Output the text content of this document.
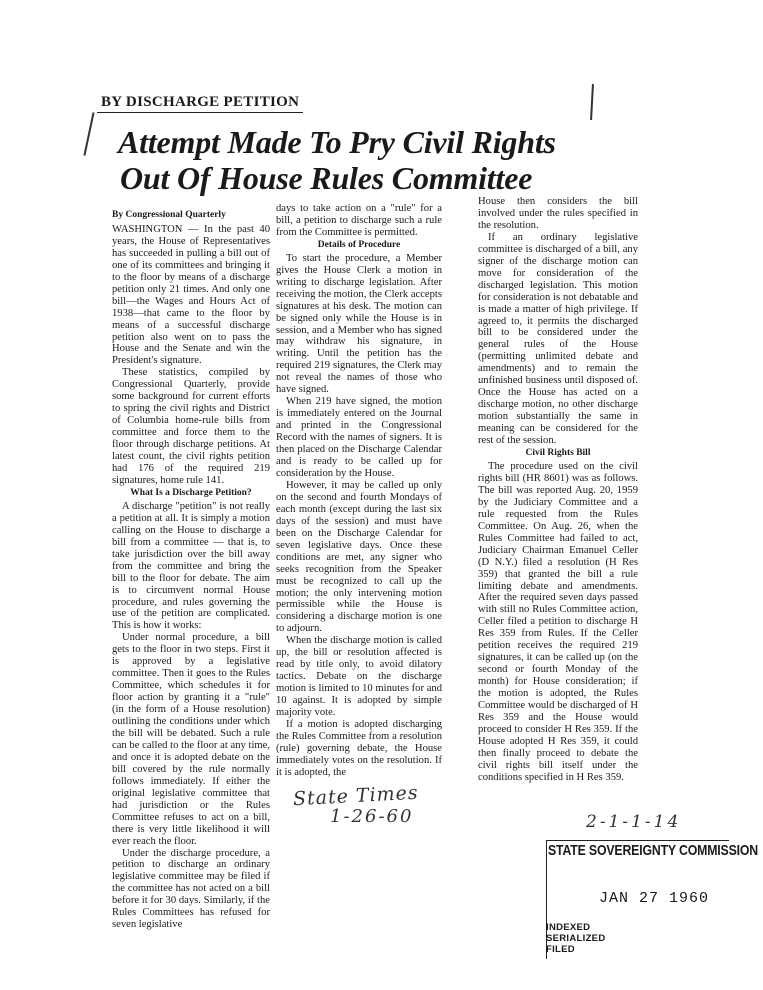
BY DISCHARGE PETITION
Attempt Made To Pry Civil Rights
Out Of House Rules Committee

By Congressional Quarterly

WASHINGTON — In the past 40 years, the House of Representatives has succeeded in pulling a bill out of one of its committees and bringing it to the floor by means of a discharge petition only 21 times. And only one bill—the Wages and Hours Act of 1938—that came to the floor by means of a successful discharge petition also went on to pass the House and the Senate and win the President's signature.

These statistics, compiled by Congressional Quarterly, provide some background for current efforts to spring the civil rights and District of Columbia home-rule bills from committee and force them to the floor through discharge petitions. At latest count, the civil rights petition had 176 of the required 219 signatures, home rule 141.

What Is a Discharge Petition?

A discharge "petition" is not really a petition at all. It is simply a motion calling on the House to discharge a bill from a committee — that is, to take jurisdiction over the bill away from the committee and bring the bill to the floor for debate. The aim is to circumvent normal House procedure, and rules governing the use of the petition are complicated. This is how it works:

Under normal procedure, a bill gets to the floor in two steps. First it is approved by a legislative committee. Then it goes to the Rules Committee, which schedules it for floor action by granting it a "rule" (in the form of a House resolution) outlining the conditions under which the bill will be debated. Such a rule can be called to the floor at any time, and once it is adopted debate on the bill covered by the rule normally follows immediately. If either the original legislative committee that had jurisdiction or the Rules Committee refuses to act on a bill, there is very little likelihood it will ever reach the floor.

Under the discharge procedure, a petition to discharge an ordinary legislative committee may be filed if the committee has not acted on a bill before it for 30 days. Similarly, if the Rules Committees has refused for seven legislative

days to take action on a "rule" for a bill, a petition to discharge such a rule from the Committee is permitted.

Details of Procedure

To start the procedure, a Member gives the House Clerk a motion in writing to discharge legislation. After receiving the motion, the Clerk accepts signatures at his desk. The motion can be signed only while the House is in session, and a Member who has signed may withdraw his signature, in writing. Until the petition has the required 219 signatures, the Clerk may not reveal the names of those who have signed.

When 219 have signed, the motion is immediately entered on the Journal and printed in the Congressional Record with the names of signers. It is then placed on the Discharge Calendar and is ready to be called up for consideration by the House.

However, it may be called up only on the second and fourth Mondays of each month (except during the last six days of the session) and must have been on the Discharge Calendar for seven legislative days. Once these conditions are met, any signer who seeks recognition from the Speaker must be recognized to call up the motion; the only intervening motion permissible while the House is considering a discharge motion is one to adjourn.

When the discharge motion is called up, the bill or resolution affected is read by title only, to avoid dilatory tactics. Debate on the discharge motion is limited to 10 minutes for and 10 against. It is adopted by simple majority vote.

If a motion is adopted discharging the Rules Committee from a resolution (rule) governing debate, the House immediately votes on the resolution. If it is adopted, the

House then considers the bill involved under the rules specified in the resolution.

If an ordinary legislative committee is discharged of a bill, any signer of the discharge motion can move for consideration of the discharged legislation. This motion for consideration is not debatable and is made a matter of high privilege. If agreed to, it permits the discharged bill to be considered under the general rules of the House (permitting unlimited debate and amendments) and to remain the unfinished business until disposed of. Once the House has acted on a discharge motion, no other discharge motion substantially the same in meaning can be considered for the rest of the session.

Civil Rights Bill

The procedure used on the civil rights bill (HR 8601) was as follows. The bill was reported Aug. 20, 1959 by the Judiciary Committee and a rule requested from the Rules Committee. On Aug. 26, when the Rules Committee had failed to act, Judiciary Chairman Emanuel Celler (D N.Y.) filed a resolution (H Res 359) that granted the bill a rule limiting debate and amendments. After the required seven days passed with still no Rules Committee action, Celler filed a petition to discharge H Res 359 from Rules. If the Celler petition receives the required 219 signatures, it can be called up (on the second or fourth Monday of the month) for House consideration; if the motion is adopted, the Rules Committee would be discharged of H Res 359 and the House would proceed to consider H Res 359. If the House adopted H Res 359, it could then finally proceed to debate the civil rights bill itself under the conditions specified in H Res 359.

State Times
1-26-60
STATE SOVEREIGNTY COMMISSION
JAN 27 1960
INDEXED
SERIALIZED
FILED
2-1-1-14
